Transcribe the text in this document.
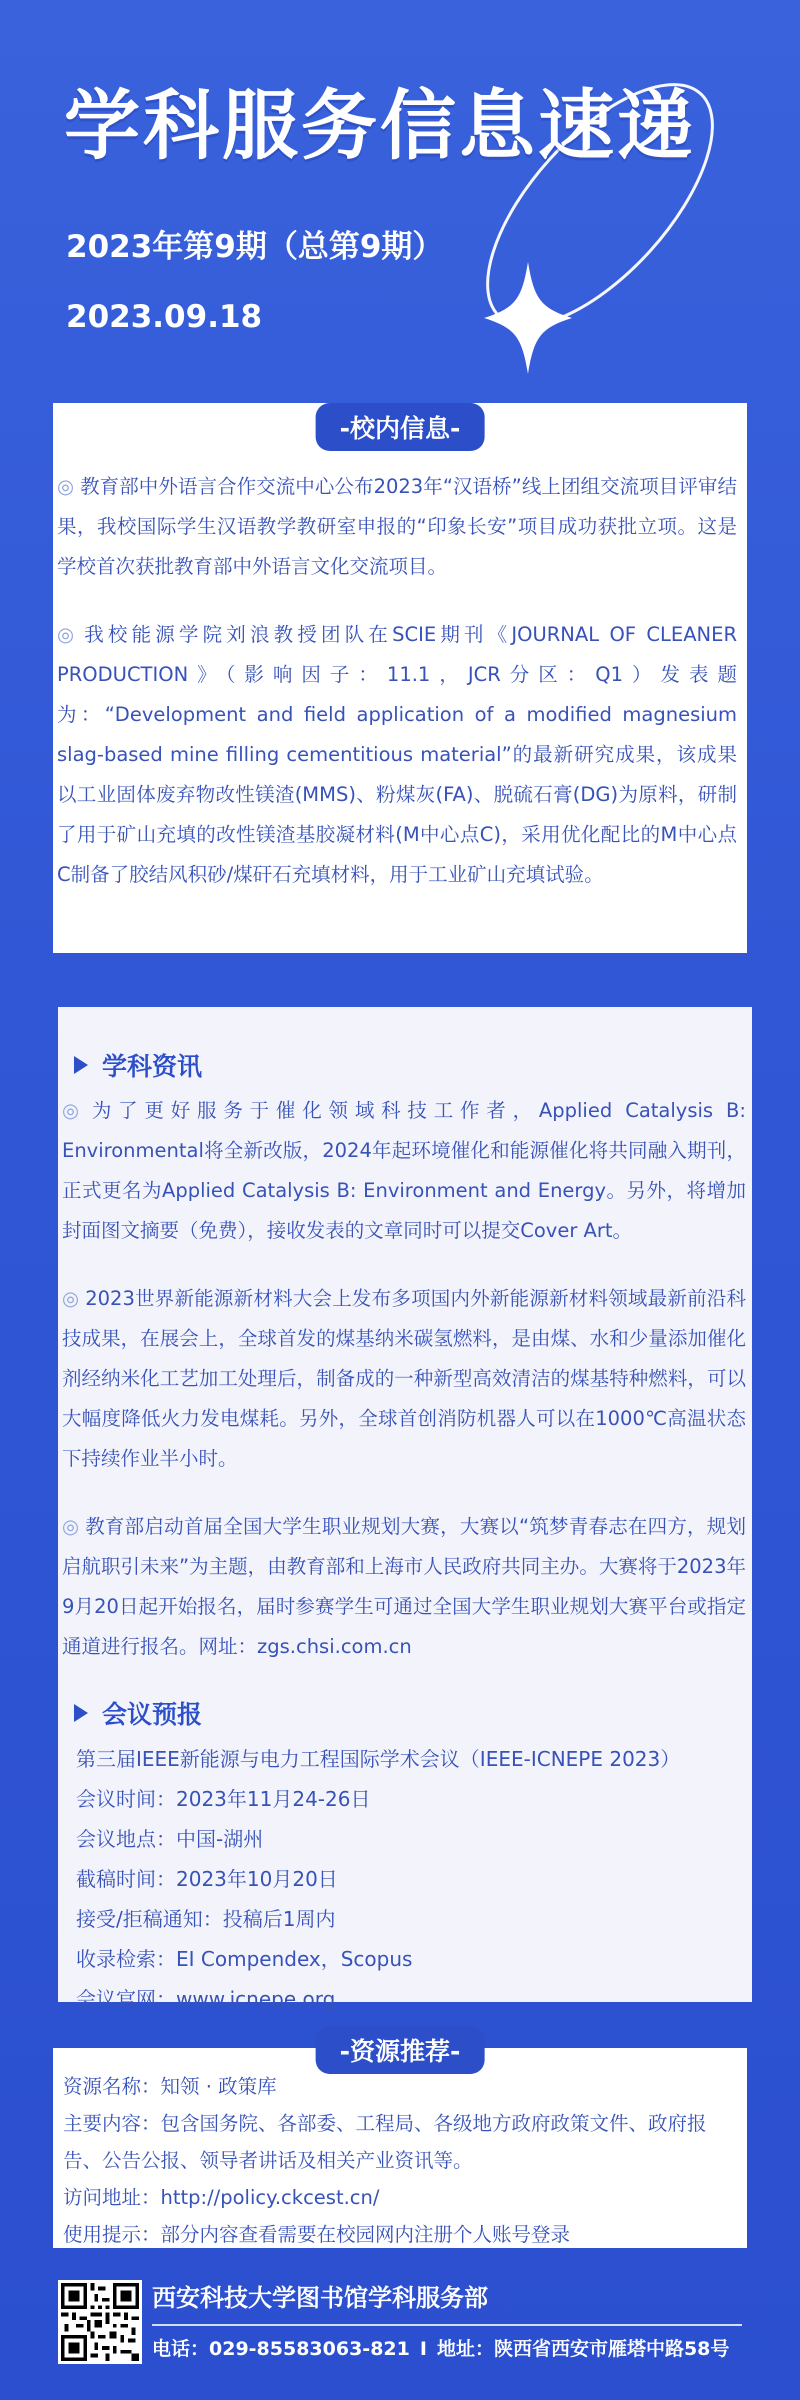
学科服务信息速递
2023年第9期（总第9期）
2023.09.18

◎ 教育部中外语言合作交流中心公布2023年“汉语桥”线上团组交流项目评审结果，我校国际学生汉语教学教研室申报的“印象长安”项目成功获批立项。这是学校首次获批教育部中外语言文化交流项目。

◎ 我校能源学院刘浪教授团队在SCIE期刊《JOURNAL OF CLEANER PRODUCTION》（影响因子：11.1，JCR分区：Q1）发表题为：“Development and field application of a modified magnesium slag-based mine filling cementitious material”的最新研究成果，该成果以工业固体废弃物改性镁渣(MMS)、粉煤灰(FA)、脱硫石膏(DG)为原料，研制了用于矿山充填的改性镁渣基胶凝材料(M中心点C)，采用优化配比的M中心点C制备了胶结风积砂/煤矸石充填材料，用于工业矿山充填试验。

-校内信息-
学科资讯

◎ 为了更好服务于催化领域科技工作者，Applied Catalysis B: Environmental将全新改版，2024年起环境催化和能源催化将共同融入期刊，正式更名为Applied Catalysis B: Environment and Energy。另外，将增加封面图文摘要（免费），接收发表的文章同时可以提交Cover Art。

◎ 2023世界新能源新材料大会上发布多项国内外新能源新材料领域最新前沿科技成果，在展会上，全球首发的煤基纳米碳氢燃料，是由煤、水和少量添加催化剂经纳米化工艺加工处理后，制备成的一种新型高效清洁的煤基特种燃料，可以大幅度降低火力发电煤耗。另外，全球首创消防机器人可以在1000℃高温状态下持续作业半小时。

◎ 教育部启动首届全国大学生职业规划大赛，大赛以“筑梦青春志在四方，规划启航职引未来”为主题，由教育部和上海市人民政府共同主办。大赛将于2023年9月20日起开始报名，届时参赛学生可通过全国大学生职业规划大赛平台或指定通道进行报名。网址：zgs.chsi.com.cn

会议预报
第三届IEEE新能源与电力工程国际学术会议（IEEE-ICNEPE 2023）
会议时间：2023年11月24-26日
会议地点：中国-湖州
截稿时间：2023年10月20日
接受/拒稿通知：投稿后1周内
收录检索：EI Compendex，Scopus
会议官网：www.icnepe.org
资源名称：知领 · 政策库
主要内容：包含国务院、各部委、工程局、各级地方政府政策文件、政府报告、公告公报、领导者讲话及相关产业资讯等。
访问地址：http://policy.ckcest.cn/
使用提示：部分内容查看需要在校园网内注册个人账号登录
-资源推荐-
西安科技大学图书馆学科服务部
电话：029-85583063-821 I 地址：陕西省西安市雁塔中路58号
